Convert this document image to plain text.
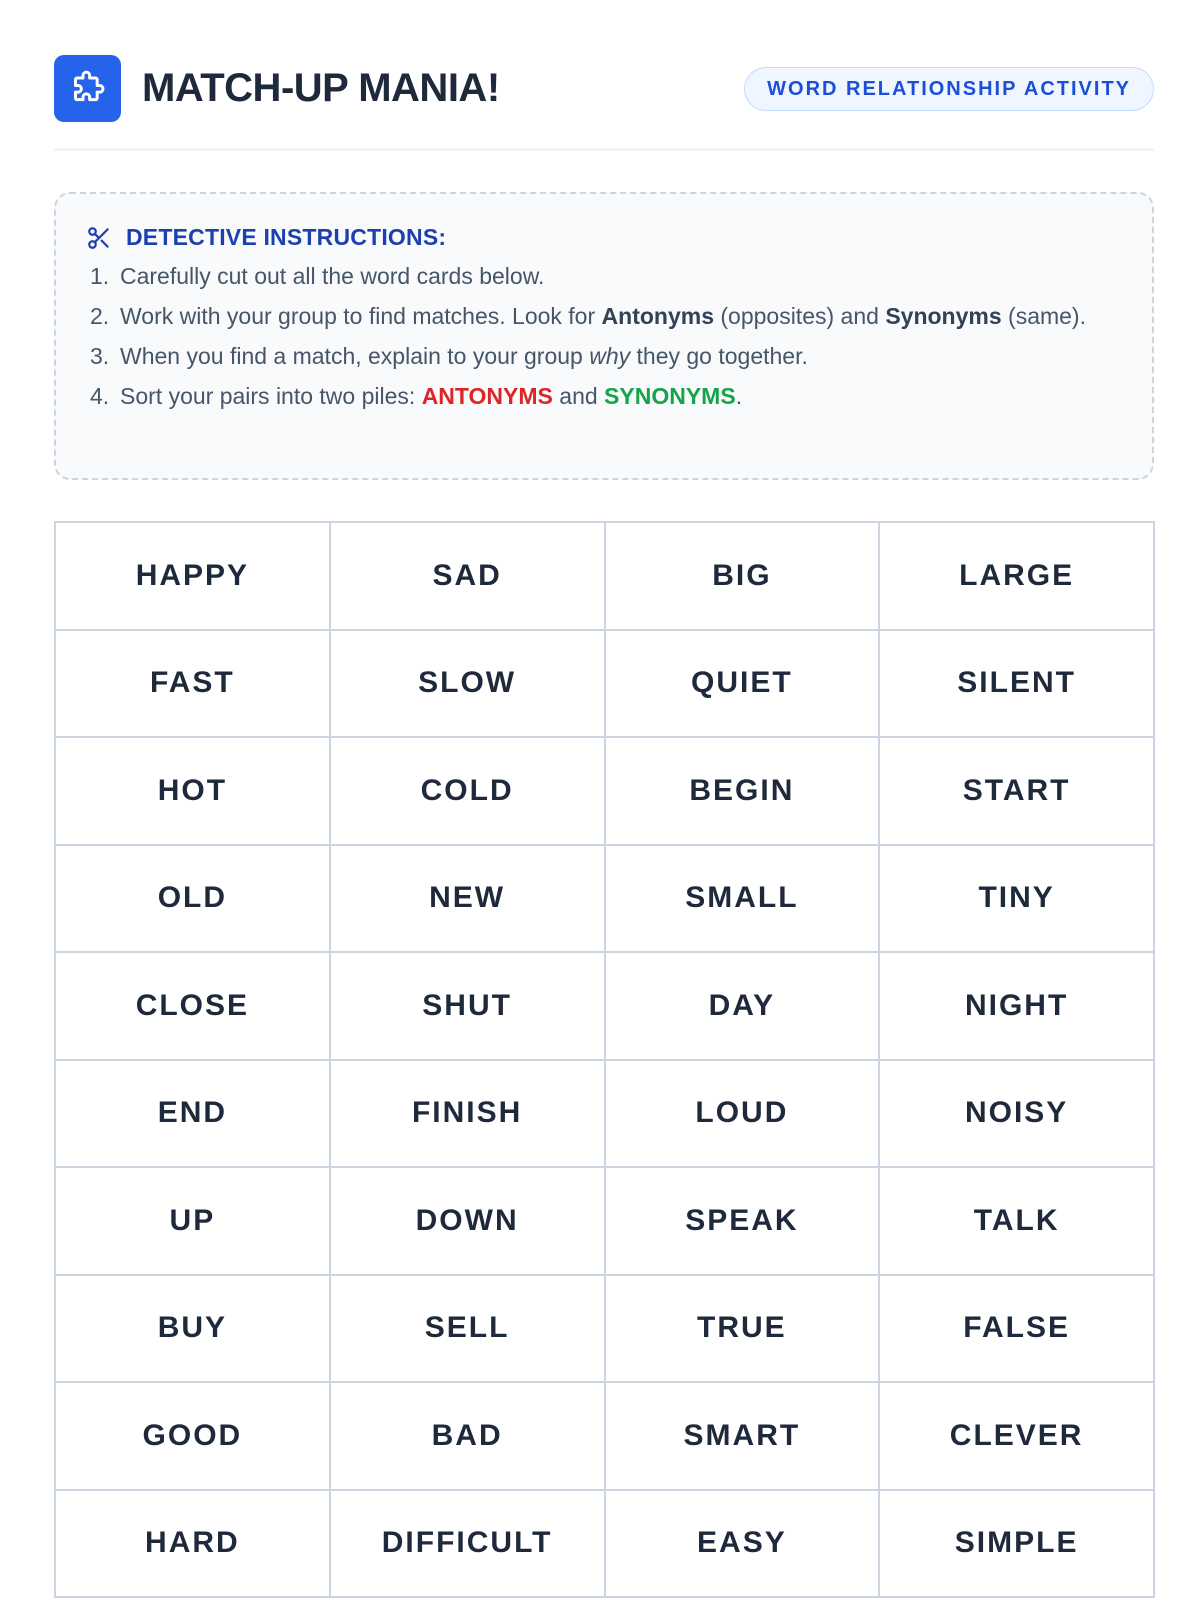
MATCH-UP MANIA!	WORD RELATIONSHIP ACTIVITY
DETECTIVE INSTRUCTIONS:
1. Carefully cut out all the word cards below.
2. Work with your group to find matches. Look for Antonyms (opposites) and Synonyms (same).
3. When you find a match, explain to your group why they go together.
4. Sort your pairs into two piles: ANTONYMS and SYNONYMS.
HAPPY	SAD	BIG	LARGE
FAST	SLOW	QUIET	SILENT
HOT	COLD	BEGIN	START
OLD	NEW	SMALL	TINY
CLOSE	SHUT	DAY	NIGHT
END	FINISH	LOUD	NOISY
UP	DOWN	SPEAK	TALK
BUY	SELL	TRUE	FALSE
GOOD	BAD	SMART	CLEVER
HARD	DIFFICULT	EASY	SIMPLE
